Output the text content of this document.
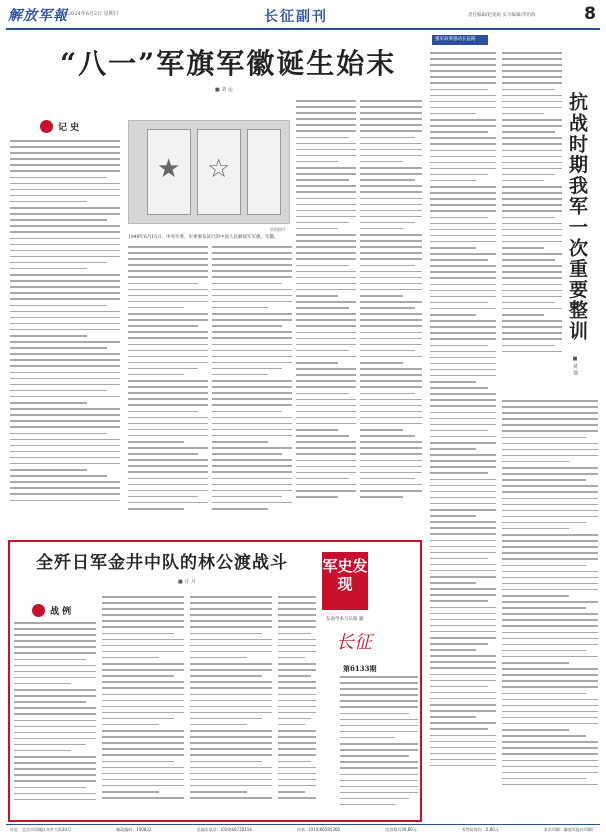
解放军報 2024年6月2日 星期日	长征副刊	责任编辑/赵姿妮 实习编辑/李治海	8
“八一”军旗军徽诞生始末
■ 刘 运
记 史
★ ☆
资料图片
1949年6月15日，中央军委、军委颁布试行的中国人民解放军军旗、军徽。
强军故事感动长征路
抗战时期我军一次重要整训
■ 黄 强
全歼日军金井中队的林公渡战斗
■ 汪 月
战 例
军史发现
东南学术与长阳 题
长征
第6133期
社址：北京市西城区阜外大街34号	邮政编码：100832	总编室电话：(010)66720114	传真：(010)66585360	定价每月30.80元	零售价每份：0.80元	本市印刷：解放军报社印刷厂
